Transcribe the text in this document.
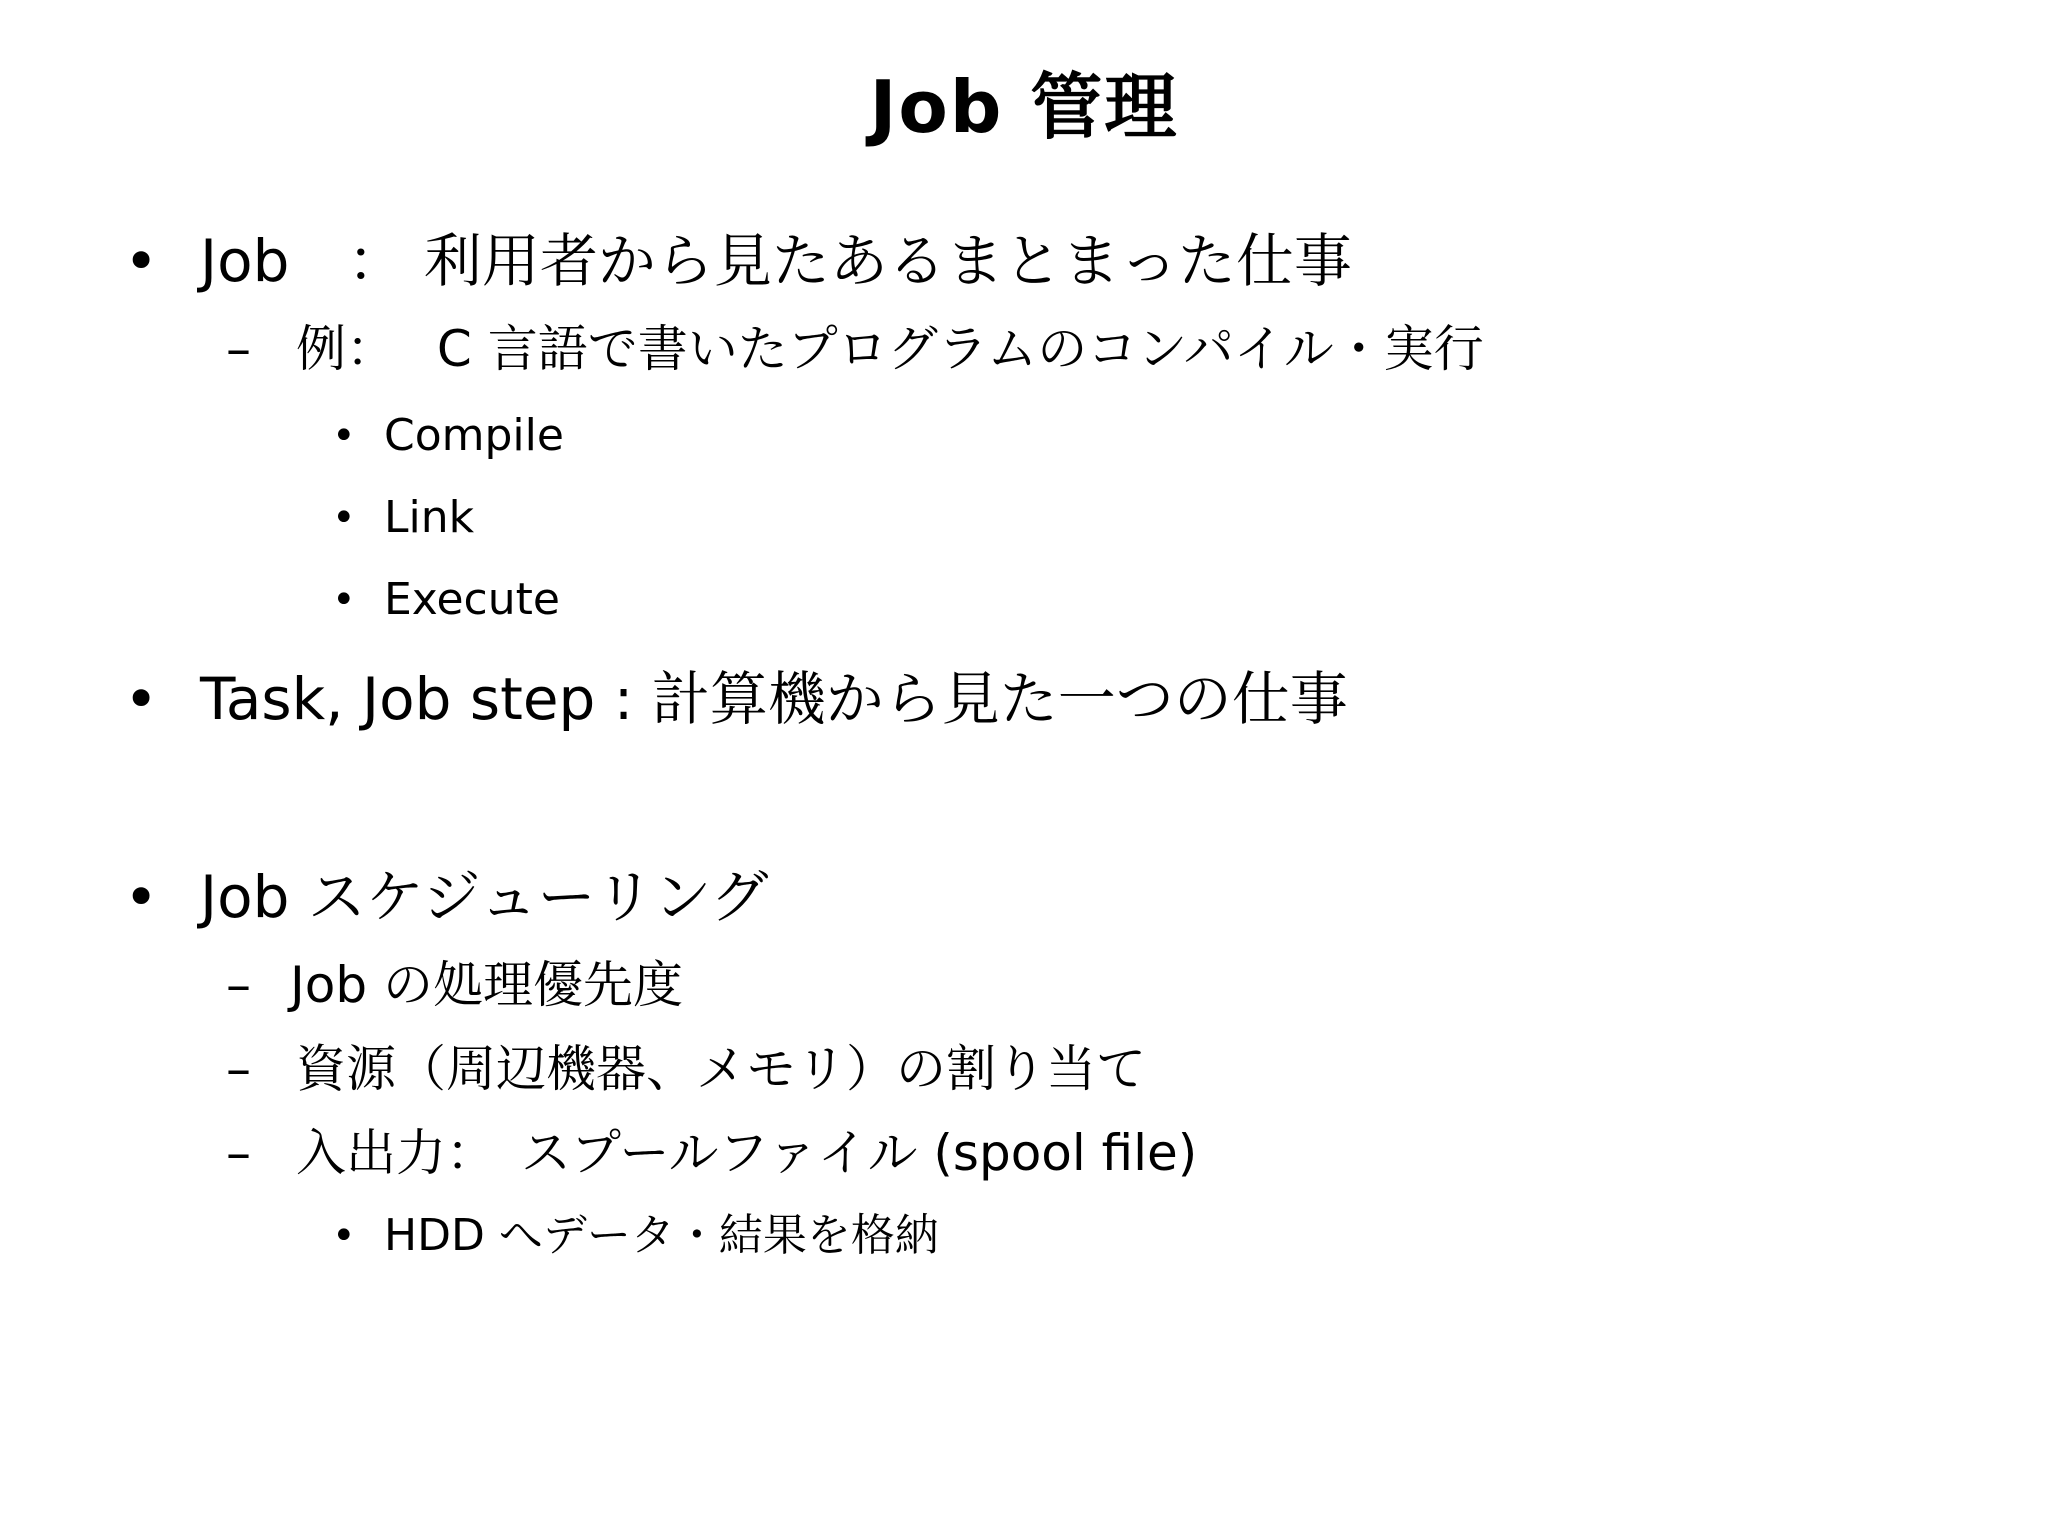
Job 管理
• Job　： 利用者から見たあるまとまった仕事
– 例：　 C 言語で書いたプログラムのコンパイル・実行
• Compile
• Link
• Execute
• Task, Job step : 計算機から見た一つの仕事
• Job スケジューリング
– Job の処理優先度
– 資源（周辺機器、メモリ）の割り当て
– 入出力：　スプールファイル (spool file)
• HDD へデータ・結果を格納
